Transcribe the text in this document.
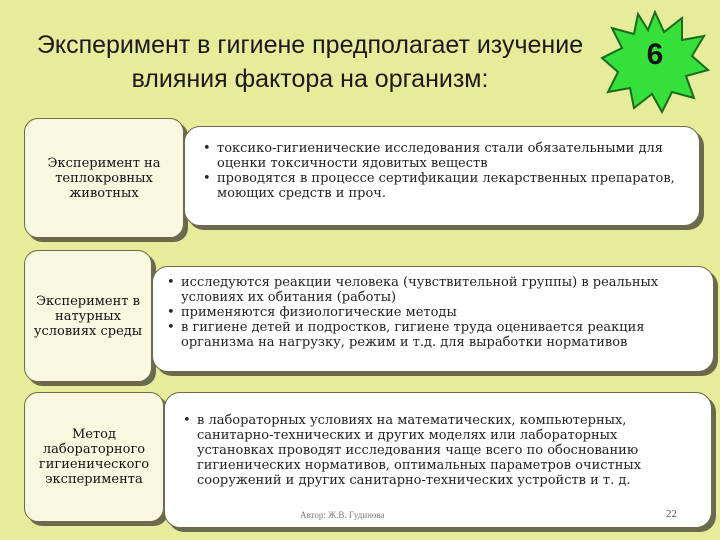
Эксперимент в гигиене предполагает изучение влияния фактора на организм:
6
Эксперимент на теплокровных животных
• токсико-гигиенические исследования стали обязательными для оценки токсичности ядовитых веществ
• проводятся в процессе сертификации лекарственных препаратов, моющих средств и проч.
Эксперимент в натурных условиях среды
• исследуются реакции человека (чувствительной группы) в реальных условиях их обитания (работы)
• применяются физиологические методы
• в гигиене детей и подростков, гигиене труда оценивается реакция организма на нагрузку, режим и т.д. для выработки нормативов
Метод лабораторного гигиенического эксперимента
• в лабораторных условиях на математических, компьютерных, санитарно-технических и других моделях или лабораторных установках проводят исследования чаще всего по обоснованию гигиенических нормативов, оптимальных параметров очистных сооружений и других санитарно-технических устройств и т. д.
Автор: Ж.В. Гудинова	22
